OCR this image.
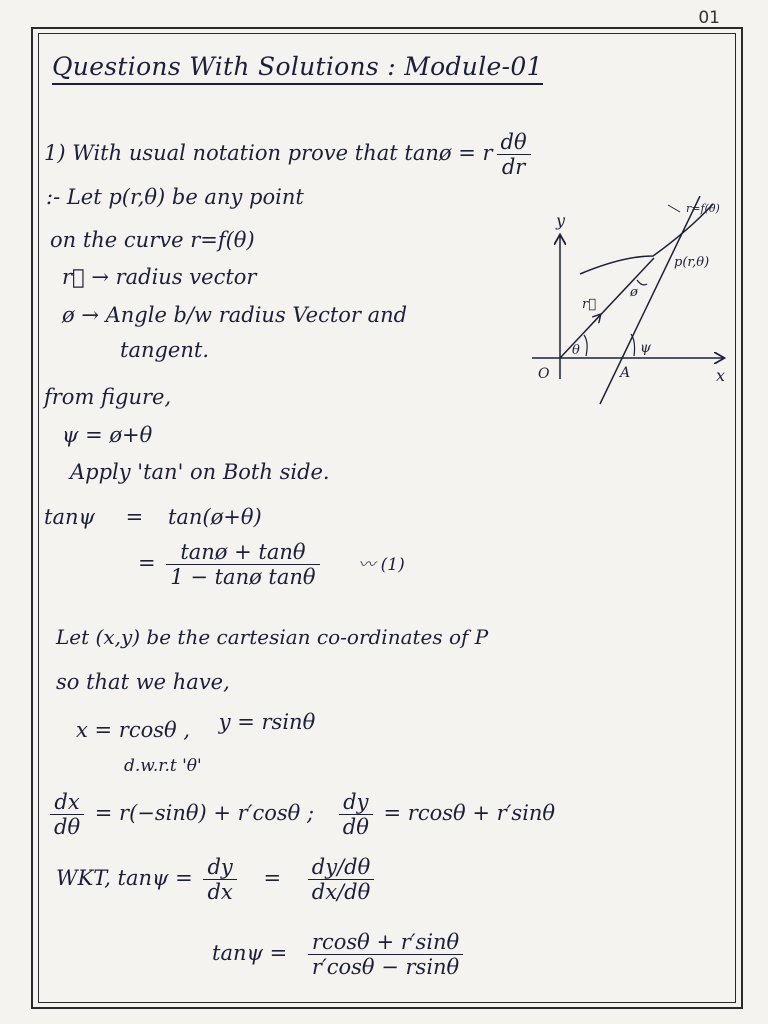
01
Questions With Solutions : Module-01
1) With usual notation prove that tanø = r $\frac{d\theta}{dr}$
:- Let p(r,θ) be any point
on the curve r=f(θ)
r⃗ → radius vector
ø → Angle b/w radius Vector and
tangent.
from figure,
ψ = ø+θ
Apply 'tan' on Both side.
tanψ = tan(ø+θ)
= $\frac{\tan ø + \tan\theta}{\text{1 − tanø tanθ}}$ 〰 (1)
Let (x,y) be the cartesian co-ordinates of P
so that we have,
x = rcosθ , y = rsinθ
d.w.r.t 'θ'
$\frac{dx}{d\theta} = r(-\sin\theta) + r'\cos\theta$ ; $\frac{dy}{d\theta} = rcos\theta + r'\sin\theta$
WKT, $\tan\psi = \frac{dy}{dx} = \frac{dy/d\theta}{dx/d\theta}$
$\tan\psi = \frac{rcos\theta + r'\sin\theta}{r'\cos\theta - rsin\theta}$
y
x
O	A
θ	ψ
ø
r⃗
p(r,θ)
r=f(θ)
